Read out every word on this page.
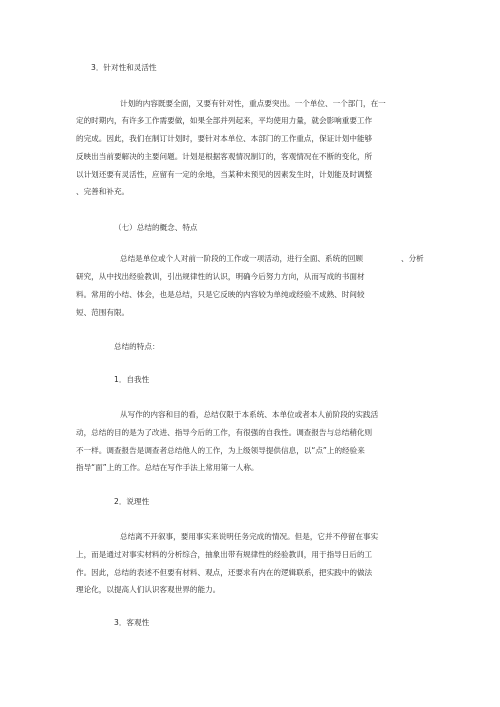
3．针对性和灵活性
计划的内容既要全面，又要有针对性，重点要突出。一个单位、一个部门，在一
定的时期内，有许多工作需要做，如果全部并列起来，平均使用力量，就会影响重要工作
的完成。因此，我们在制订计划时，要针对本单位、本部门的工作重点，保证计划中能够
反映出当前要解决的主要问题。计划是根据客观情况制订的，客观情况在不断的变化，所
以计划还要有灵活性，应留有一定的余地，当某种未预见的因素发生时，计划能及时调整
、完善和补充。
（七）总结的概念、特点
总结是单位或个人对前一阶段的工作或一项活动，进行全面、系统的回顾	、分析
研究，从中找出经验教训，引出规律性的认识，明确今后努力方向，从而写成的书面材
料。常用的小结、体会，也是总结，只是它反映的内容较为单纯或经验不成熟、时间较
短、范围有限。
总结的特点：
1．自我性
从写作的内容和目的看，总结仅限于本系统、本单位或者本人前阶段的实践活
动，总结的目的是为了改进、指导今后的工作，有很强的自我性。调查报告与总结稍化则
不一样。调查报告是调查者总结他人的工作，为上级领导提供信息，以“点”上的经验来
指导“面”上的工作。总结在写作手法上常用第一人称。
2．说理性
总结离不开叙事，要用事实来说明任务完成的情况。但是，它并不停留在事实
上，而是通过对事实材料的分析综合，抽象出带有规律性的经验教训，用于指导日后的工
作。因此，总结的表述不但要有材料、观点，还要求有内在的逻辑联系，把实践中的做法
理论化，以提高人们认识客观世界的能力。
3．客观性
